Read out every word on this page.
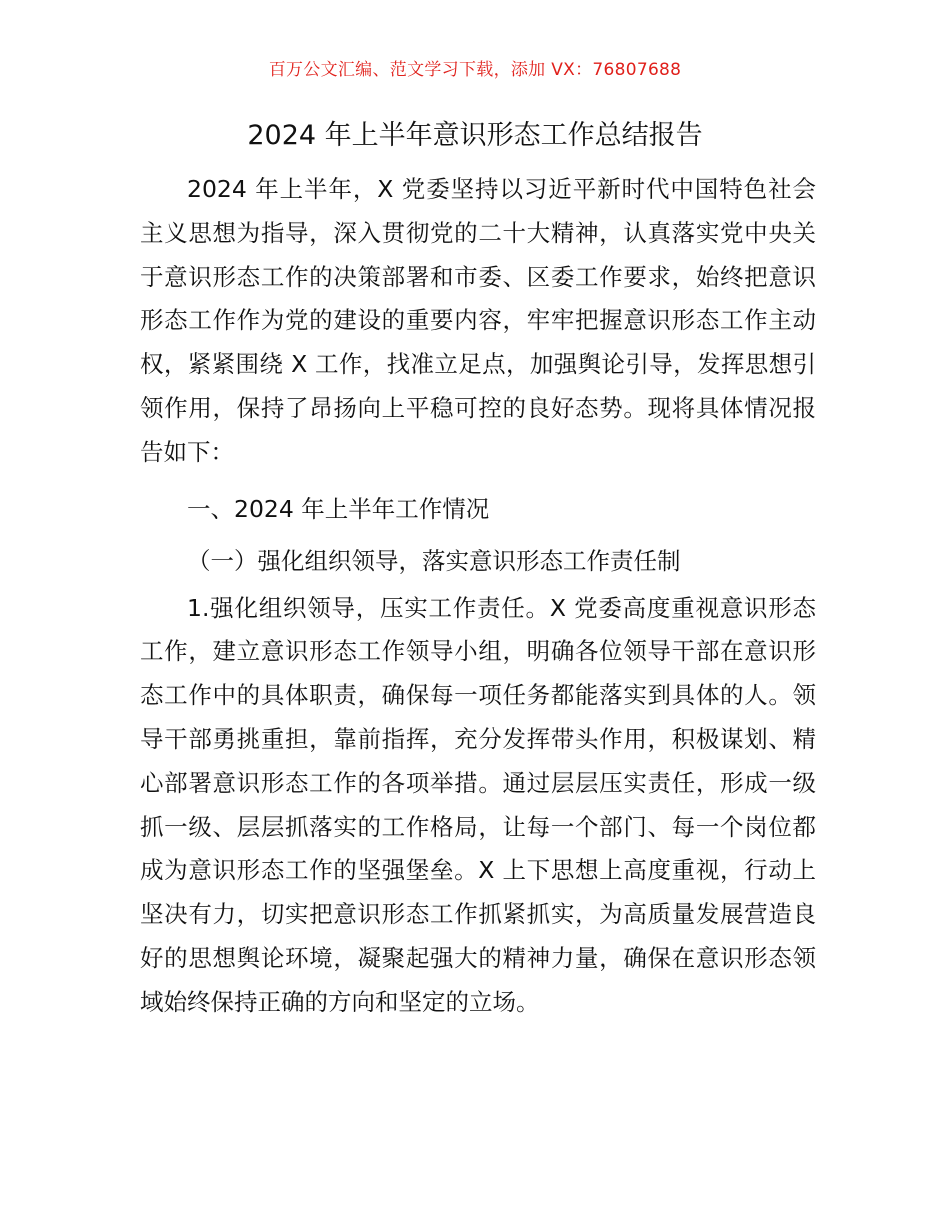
百万公文汇编、范文学习下载，添加 VX：76807688
2024 年上半年意识形态工作总结报告

2024 年上半年，X 党委坚持以习近平新时代中国特色社会主义思想为指导，深入贯彻党的二十大精神，认真落实党中央关于意识形态工作的决策部署和市委、区委工作要求，始终把意识形态工作作为党的建设的重要内容，牢牢把握意识形态工作主动权，紧紧围绕 X 工作，找准立足点，加强舆论引导，发挥思想引领作用，保持了昂扬向上平稳可控的良好态势。现将具体情况报告如下：

一、2024 年上半年工作情况

（一）强化组织领导，落实意识形态工作责任制

1.强化组织领导，压实工作责任。X 党委高度重视意识形态工作，建立意识形态工作领导小组，明确各位领导干部在意识形态工作中的具体职责，确保每一项任务都能落实到具体的人。领导干部勇挑重担，靠前指挥，充分发挥带头作用，积极谋划、精心部署意识形态工作的各项举措。通过层层压实责任，形成一级抓一级、层层抓落实的工作格局，让每一个部门、每一个岗位都成为意识形态工作的坚强堡垒。X 上下思想上高度重视，行动上坚决有力，切实把意识形态工作抓紧抓实，为高质量发展营造良好的思想舆论环境，凝聚起强大的精神力量，确保在意识形态领域始终保持正确的方向和坚定的立场。
